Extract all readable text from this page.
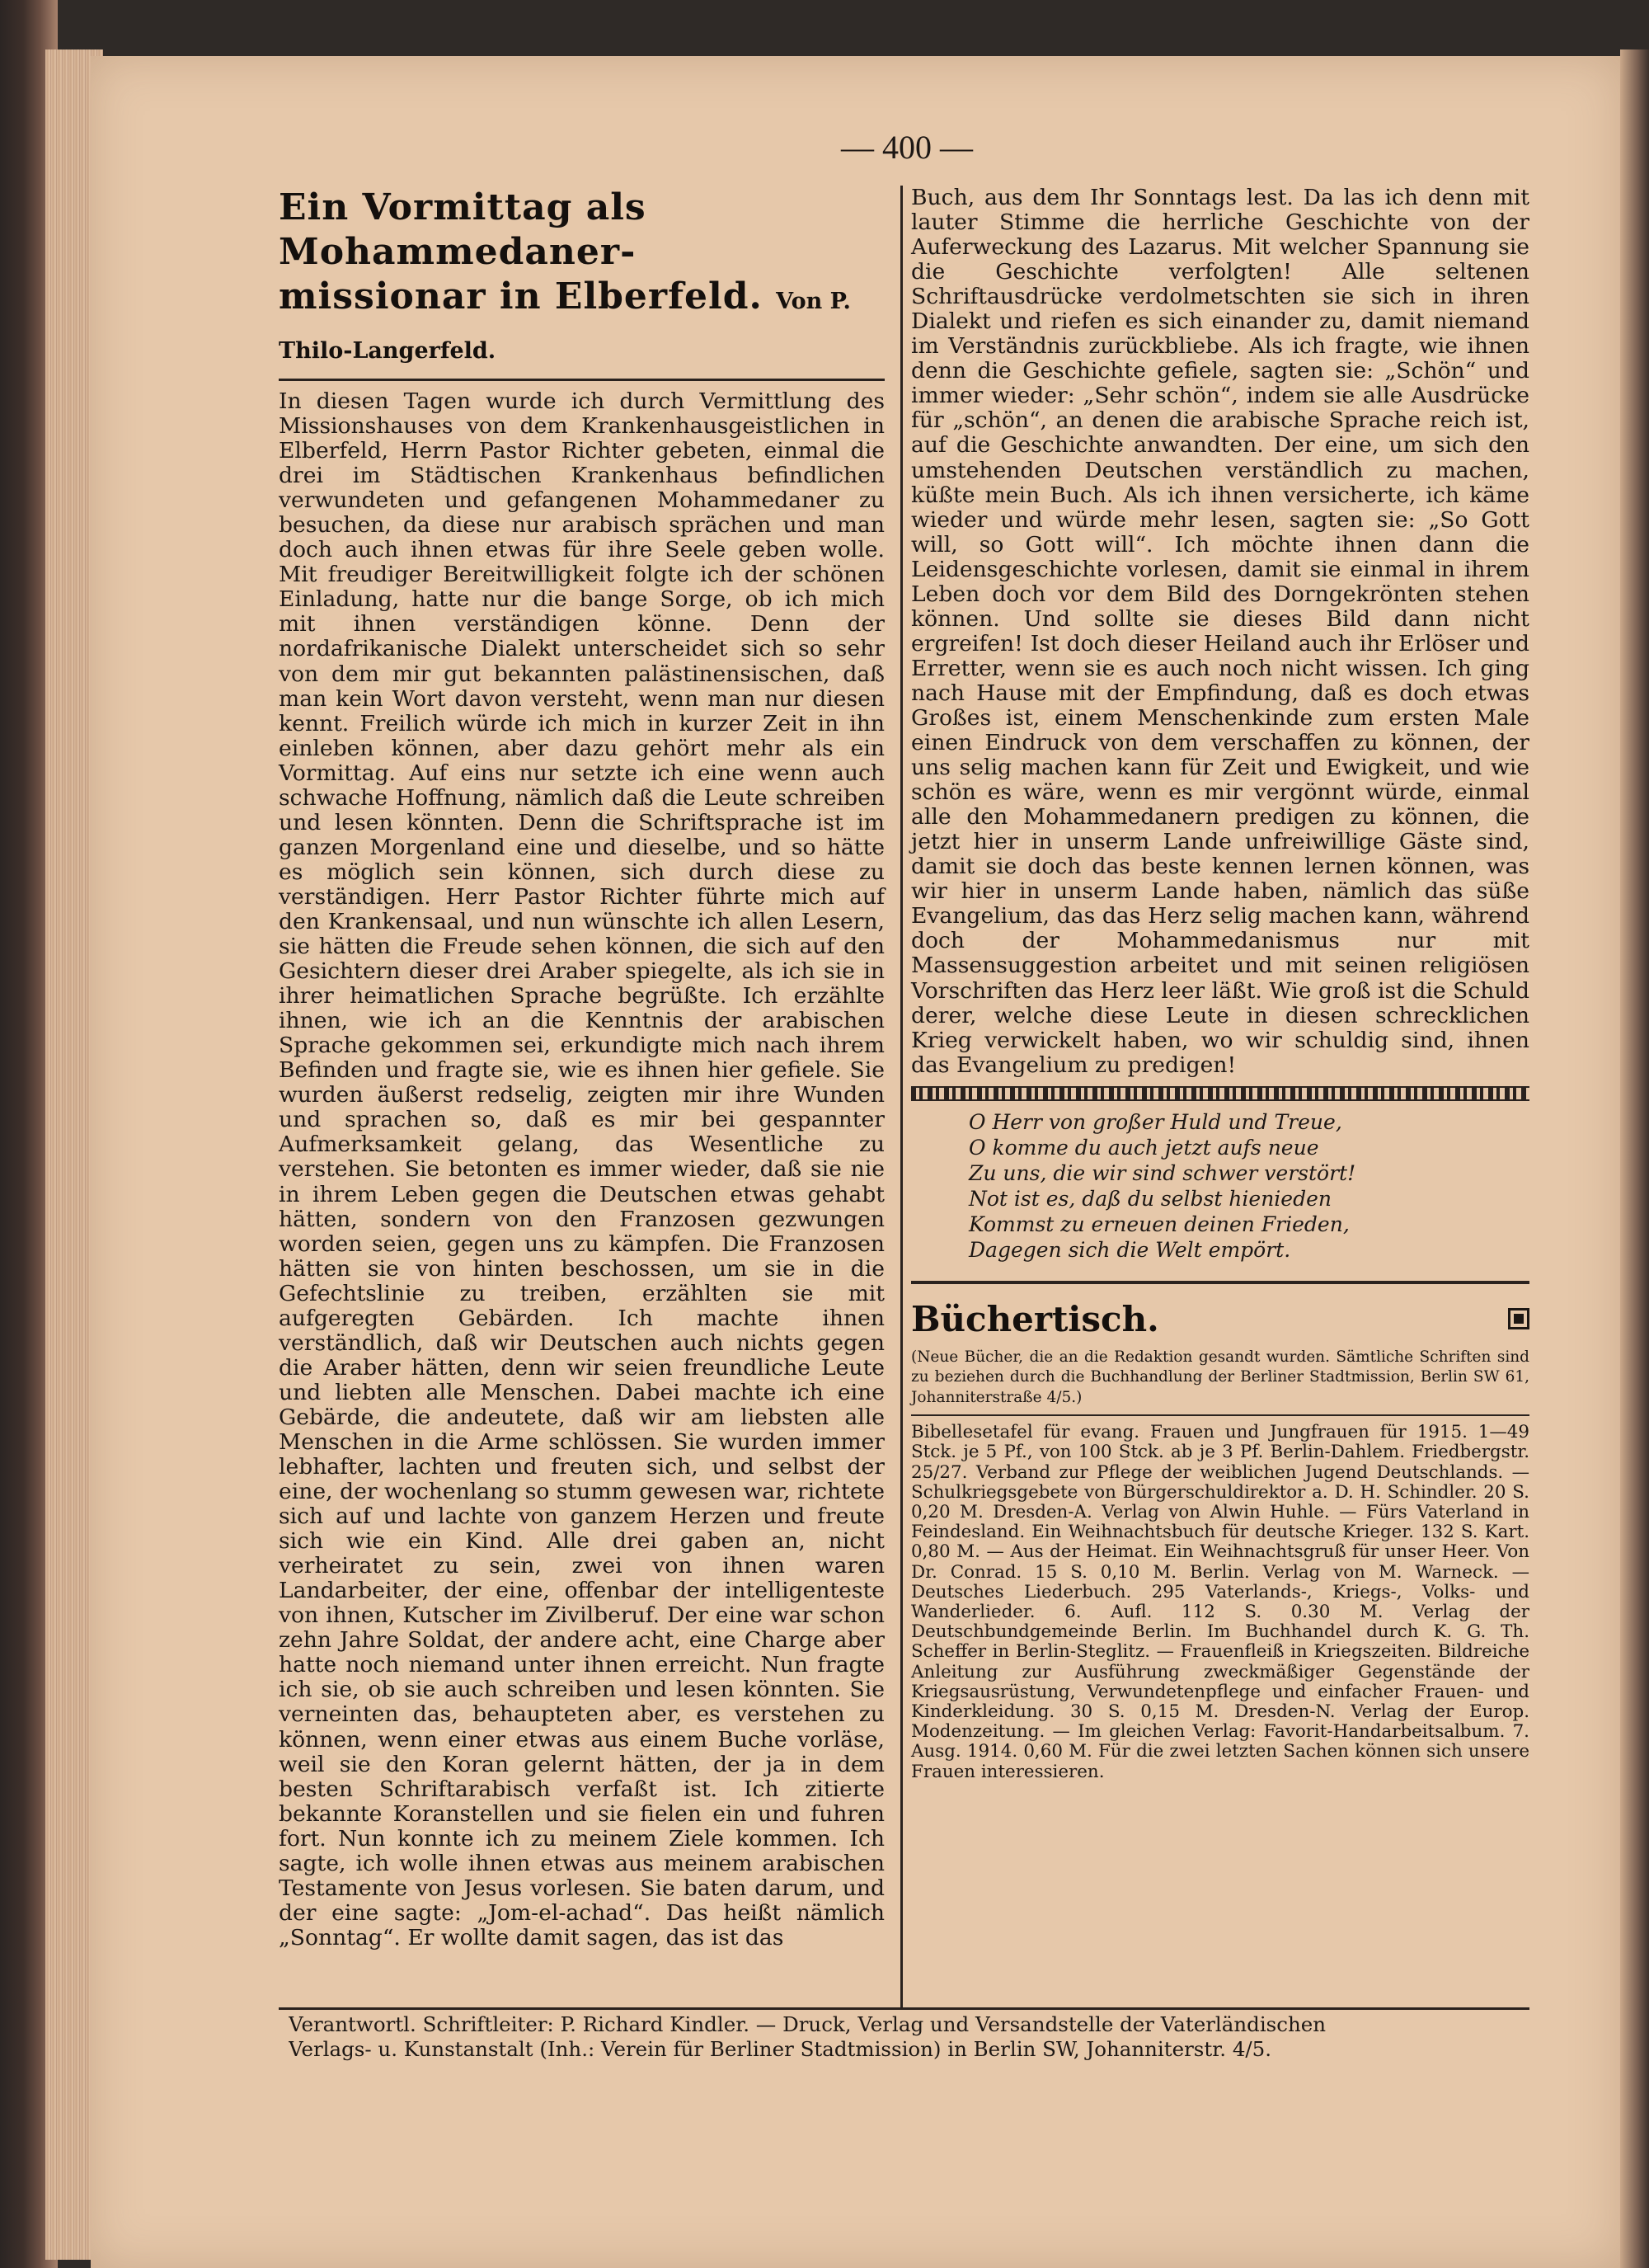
— 400 —
Ein Vormittag als Mohammedaner-
missionar in Elberfeld. Von P. Thilo-Langerfeld.

In diesen Tagen wurde ich durch Vermittlung des Missionshauses von dem Krankenhausgeistlichen in Elberfeld, Herrn Pastor Richter gebeten, einmal die drei im Städtischen Krankenhaus befindlichen verwundeten und gefangenen Mohammedaner zu besuchen, da diese nur arabisch sprächen und man doch auch ihnen etwas für ihre Seele geben wolle. Mit freudiger Bereitwilligkeit folgte ich der schönen Einladung, hatte nur die bange Sorge, ob ich mich mit ihnen verständigen könne. Denn der nordafrikanische Dialekt unterscheidet sich so sehr von dem mir gut bekannten palästinensischen, daß man kein Wort davon versteht, wenn man nur diesen kennt. Freilich würde ich mich in kurzer Zeit in ihn einleben können, aber dazu gehört mehr als ein Vormittag. Auf eins nur setzte ich eine wenn auch schwache Hoffnung, nämlich daß die Leute schreiben und lesen könnten. Denn die Schriftsprache ist im ganzen Morgenland eine und dieselbe, und so hätte es möglich sein können, sich durch diese zu verständigen. Herr Pastor Richter führte mich auf den Krankensaal, und nun wünschte ich allen Lesern, sie hätten die Freude sehen können, die sich auf den Gesichtern dieser drei Araber spiegelte, als ich sie in ihrer heimatlichen Sprache begrüßte. Ich erzählte ihnen, wie ich an die Kenntnis der arabischen Sprache gekommen sei, erkundigte mich nach ihrem Befinden und fragte sie, wie es ihnen hier gefiele. Sie wurden äußerst redselig, zeigten mir ihre Wunden und sprachen so, daß es mir bei gespannter Aufmerksamkeit gelang, das Wesentliche zu verstehen. Sie betonten es immer wieder, daß sie nie in ihrem Leben gegen die Deutschen etwas gehabt hätten, sondern von den Franzosen gezwungen worden seien, gegen uns zu kämpfen. Die Franzosen hätten sie von hinten beschossen, um sie in die Gefechtslinie zu treiben, erzählten sie mit aufgeregten Gebärden. Ich machte ihnen verständlich, daß wir Deutschen auch nichts gegen die Araber hätten, denn wir seien freundliche Leute und liebten alle Menschen. Dabei machte ich eine Gebärde, die andeutete, daß wir am liebsten alle Menschen in die Arme schlössen. Sie wurden immer lebhafter, lachten und freuten sich, und selbst der eine, der wochenlang so stumm gewesen war, richtete sich auf und lachte von ganzem Herzen und freute sich wie ein Kind. Alle drei gaben an, nicht verheiratet zu sein, zwei von ihnen waren Landarbeiter, der eine, offenbar der intelligenteste von ihnen, Kutscher im Zivilberuf. Der eine war schon zehn Jahre Soldat, der andere acht, eine Charge aber hatte noch niemand unter ihnen erreicht. Nun fragte ich sie, ob sie auch schreiben und lesen könnten. Sie verneinten das, behaupteten aber, es verstehen zu können, wenn einer etwas aus einem Buche vorläse, weil sie den Koran gelernt hätten, der ja in dem besten Schriftarabisch verfaßt ist. Ich zitierte bekannte Koranstellen und sie fielen ein und fuhren fort. Nun konnte ich zu meinem Ziele kommen. Ich sagte, ich wolle ihnen etwas aus meinem arabischen Testamente von Jesus vorlesen. Sie baten darum, und der eine sagte: „Jom-el-achad“. Das heißt nämlich „Sonntag“. Er wollte damit sagen, das ist das

Buch, aus dem Ihr Sonntags lest. Da las ich denn mit lauter Stimme die herrliche Geschichte von der Auferweckung des Lazarus. Mit welcher Spannung sie die Geschichte verfolgten! Alle seltenen Schriftausdrücke verdolmetschten sie sich in ihren Dialekt und riefen es sich einander zu, damit niemand im Verständnis zurückbliebe. Als ich fragte, wie ihnen denn die Geschichte gefiele, sagten sie: „Schön“ und immer wieder: „Sehr schön“, indem sie alle Ausdrücke für „schön“, an denen die arabische Sprache reich ist, auf die Geschichte anwandten. Der eine, um sich den umstehenden Deutschen verständlich zu machen, küßte mein Buch. Als ich ihnen versicherte, ich käme wieder und würde mehr lesen, sagten sie: „So Gott will, so Gott will“. Ich möchte ihnen dann die Leidensgeschichte vorlesen, damit sie einmal in ihrem Leben doch vor dem Bild des Dorngekrönten stehen können. Und sollte sie dieses Bild dann nicht ergreifen! Ist doch dieser Heiland auch ihr Erlöser und Erretter, wenn sie es auch noch nicht wissen. Ich ging nach Hause mit der Empfindung, daß es doch etwas Großes ist, einem Menschenkinde zum ersten Male einen Eindruck von dem verschaffen zu können, der uns selig machen kann für Zeit und Ewigkeit, und wie schön es wäre, wenn es mir vergönnt würde, einmal alle den Mohammedanern predigen zu können, die jetzt hier in unserm Lande unfreiwillige Gäste sind, damit sie doch das beste kennen lernen können, was wir hier in unserm Lande haben, nämlich das süße Evangelium, das das Herz selig machen kann, während doch der Mohammedanismus nur mit Massensuggestion arbeitet und mit seinen religiösen Vorschriften das Herz leer läßt. Wie groß ist die Schuld derer, welche diese Leute in diesen schrecklichen Krieg verwickelt haben, wo wir schuldig sind, ihnen das Evangelium zu predigen!

O Herr von großer Huld und Treue,
O komme du auch jetzt aufs neue
Zu uns, die wir sind schwer verstört!
Not ist es, daß du selbst hienieden
Kommst zu erneuen deinen Frieden,
Dagegen sich die Welt empört.
Büchertisch.

(Neue Bücher, die an die Redaktion gesandt wurden. Sämtliche Schriften sind zu beziehen durch die Buchhandlung der Berliner Stadtmission, Berlin SW 61, Johanniterstraße 4/5.)

Bibellesetafel für evang. Frauen und Jungfrauen für 1915. 1—49 Stck. je 5 Pf., von 100 Stck. ab je 3 Pf. Berlin-Dahlem. Friedbergstr. 25/27. Verband zur Pflege der weiblichen Jugend Deutschlands. — Schulkriegsgebete von Bürgerschuldirektor a. D. H. Schindler. 20 S. 0,20 M. Dresden-A. Verlag von Alwin Huhle. — Fürs Vaterland in Feindesland. Ein Weihnachtsbuch für deutsche Krieger. 132 S. Kart. 0,80 M. — Aus der Heimat. Ein Weihnachtsgruß für unser Heer. Von Dr. Conrad. 15 S. 0,10 M. Berlin. Verlag von M. Warneck. — Deutsches Liederbuch. 295 Vaterlands-, Kriegs-, Volks- und Wanderlieder. 6. Aufl. 112 S. 0.30 M. Verlag der Deutschbundgemeinde Berlin. Im Buchhandel durch K. G. Th. Scheffer in Berlin-Steglitz. — Frauenfleiß in Kriegszeiten. Bildreiche Anleitung zur Ausführung zweckmäßiger Gegenstände der Kriegsausrüstung, Verwundetenpflege und einfacher Frauen- und Kinderkleidung. 30 S. 0,15 M. Dresden-N. Verlag der Europ. Modenzeitung. — Im gleichen Verlag: Favorit-Handarbeitsalbum. 7. Ausg. 1914. 0,60 M. Für die zwei letzten Sachen können sich unsere Frauen interessieren.

Verantwortl. Schriftleiter: P. Richard Kindler. — Druck, Verlag und Versandstelle der Vaterländischen
Verlags- u. Kunstanstalt (Inh.: Verein für Berliner Stadtmission) in Berlin SW, Johanniterstr. 4/5.
